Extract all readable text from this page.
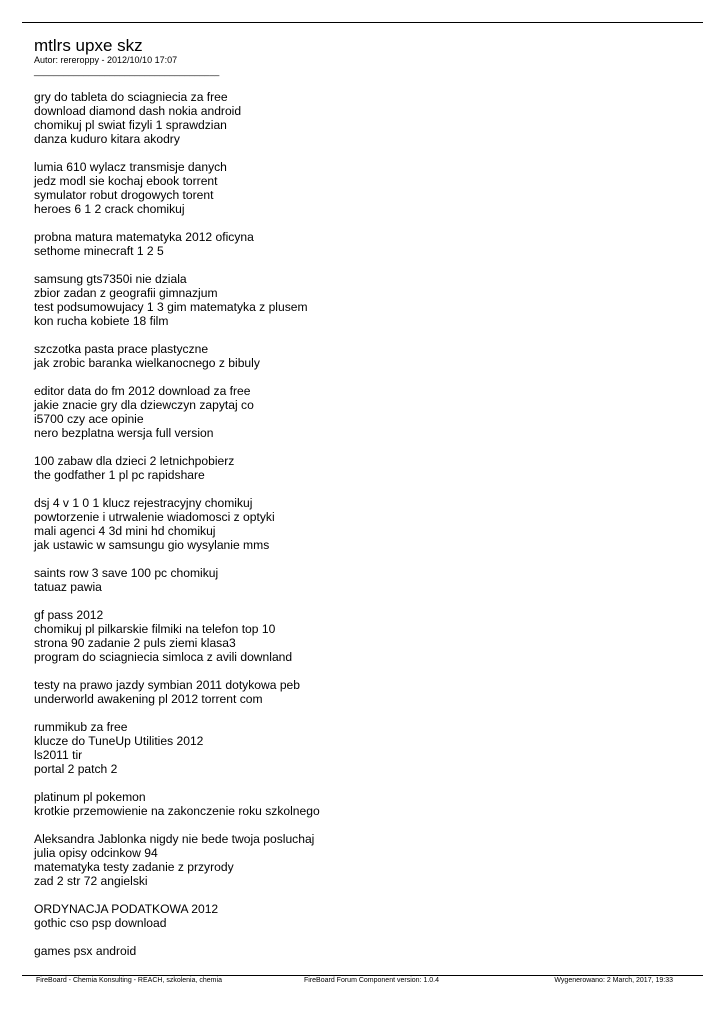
mtlrs upxe skz
Autor: rereroppy - 2012/10/10 17:07
_____________________________________
gry do tableta do sciagniecia za free
download diamond dash nokia android
chomikuj pl swiat fizyli 1 sprawdzian
danza kuduro kitara akodry
lumia 610 wylacz transmisje danych
jedz modl sie kochaj ebook torrent
symulator robut drogowych torent
heroes 6 1 2 crack chomikuj
probna matura matematyka 2012 oficyna
sethome minecraft 1 2 5
samsung gts7350i nie dziala
zbior zadan z geografii gimnazjum
test podsumowujacy 1 3 gim matematyka z plusem
kon rucha kobiete 18 film
szczotka pasta prace plastyczne
jak zrobic baranka wielkanocnego z bibuly
editor data do fm 2012 download za free
jakie znacie gry dla dziewczyn zapytaj co
i5700 czy ace opinie
nero bezplatna wersja full version
100 zabaw dla dzieci 2 letnichpobierz
the godfather 1 pl pc rapidshare
dsj 4 v 1 0 1 klucz rejestracyjny chomikuj
powtorzenie i utrwalenie wiadomosci z optyki
mali agenci 4 3d mini hd chomikuj
jak ustawic w samsungu gio wysylanie mms
saints row 3 save 100 pc chomikuj
tatuaz pawia
gf pass 2012
chomikuj pl pilkarskie filmiki na telefon top 10
strona 90 zadanie 2 puls ziemi klasa3
program do sciagniecia simloca z avili downland
testy na prawo jazdy symbian 2011 dotykowa peb
underworld awakening pl 2012 torrent com
rummikub za free
klucze do TuneUp Utilities 2012
ls2011 tir
portal 2 patch 2
platinum pl pokemon
krotkie przemowienie na zakonczenie roku szkolnego
Aleksandra Jablonka nigdy nie bede twoja posluchaj
julia opisy odcinkow 94
matematyka testy zadanie z przyrody
zad 2 str 72 angielski
ORDYNACJA PODATKOWA 2012
gothic cso psp download
games psx android
FireBoard - Chemia Konsulting - REACH, szkolenia, chemia	FireBoard Forum Component version: 1.0.4	Wygenerowano: 2 March, 2017, 19:33
